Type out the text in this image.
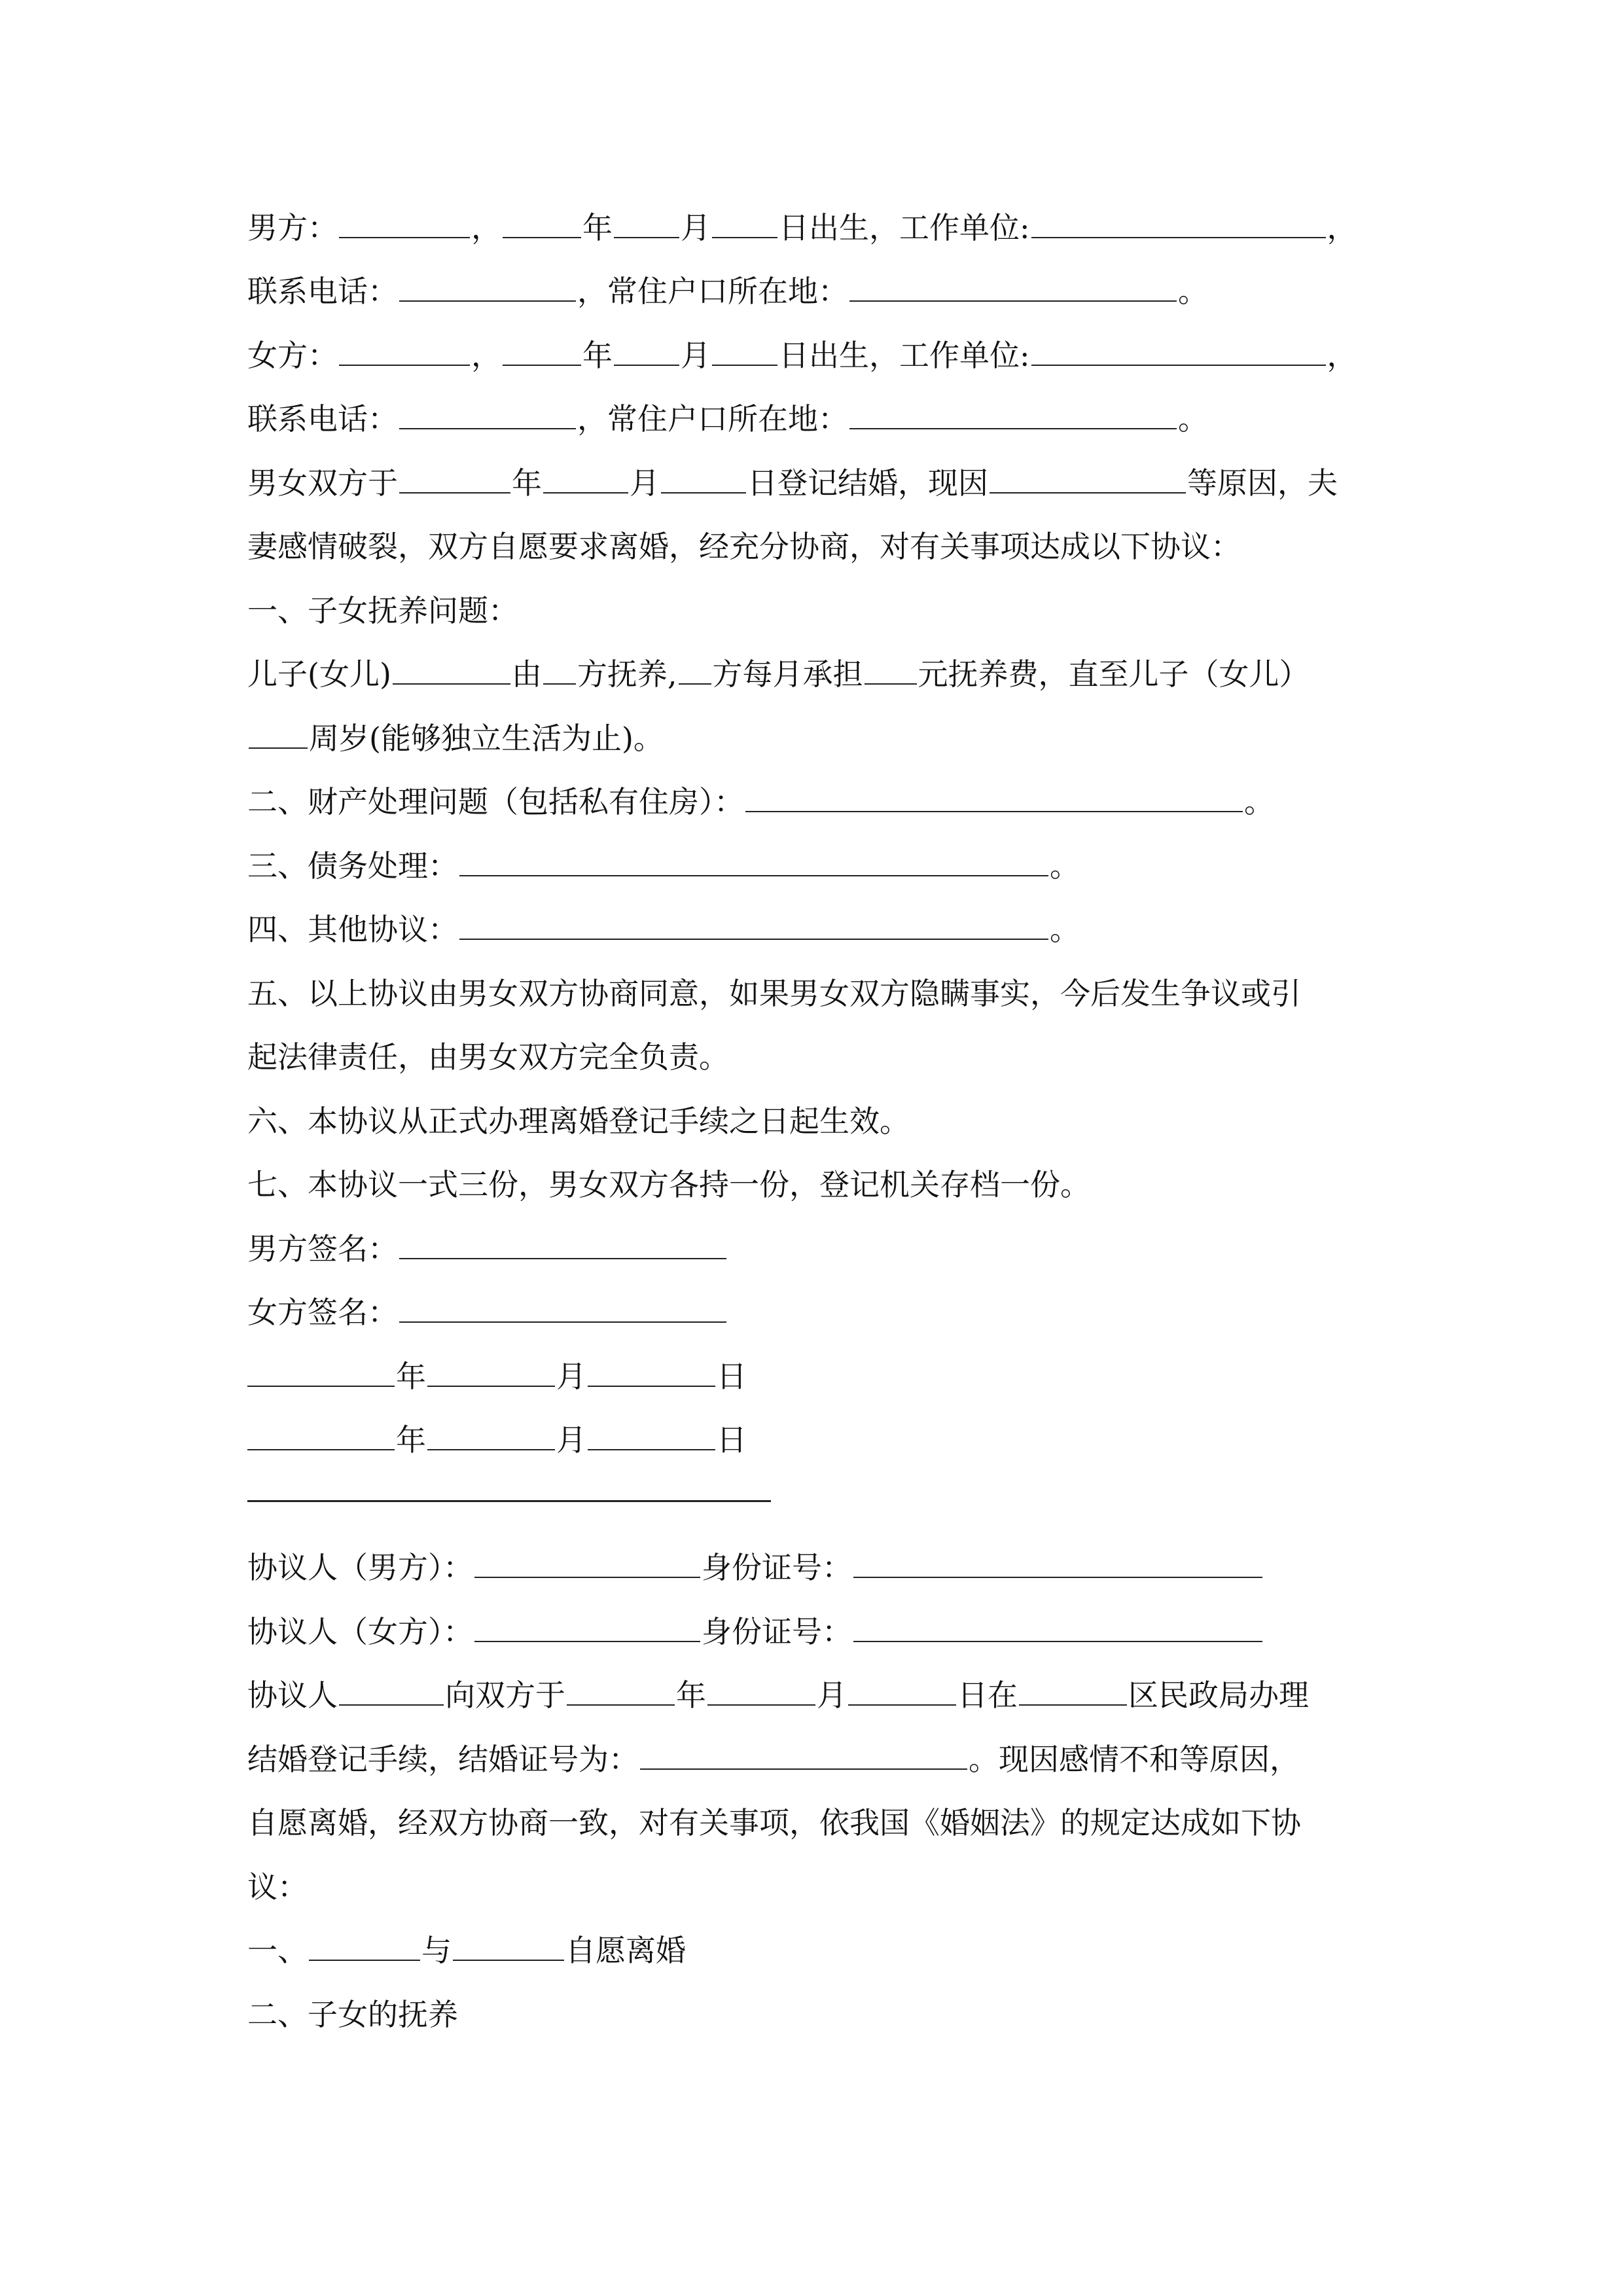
男方：	，	年 月 日出生，工作单位:	，
联系电话：	，常住户口所在地：	。
女方：	，	年 月 日出生，工作单位:	，
联系电话：	，常住户口所在地：	。
男女双方于	年	月	日登记结婚，现因	等原因，夫
妻感情破裂，双方自愿要求离婚，经充分协商，对有关事项达成以下协议：
一、子女抚养问题：
儿子(女儿)	由 方抚养, 方每月承担 元抚养费，直至儿子（女儿）
周岁(能够独立生活为止)。
二、财产处理问题（包括私有住房）：	。
三、债务处理：	。
四、其他协议：	。
五、以上协议由男女双方协商同意，如果男女双方隐瞒事实，今后发生争议或引
起法律责任，由男女双方完全负责。
六、本协议从正式办理离婚登记手续之日起生效。
七、本协议一式三份，男女双方各持一份，登记机关存档一份。
男方签名：
女方签名：
年	月	日
年	月	日
协议人（男方）：	身份证号：
协议人（女方）：	身份证号：
协议人	向双方于	年	月	日在	区民政局办理
结婚登记手续，结婚证号为：	。现因感情不和等原因，
自愿离婚，经双方协商一致，对有关事项，依我国《婚姻法》的规定达成如下协
议：
一、	与	自愿离婚
二、子女的抚养
